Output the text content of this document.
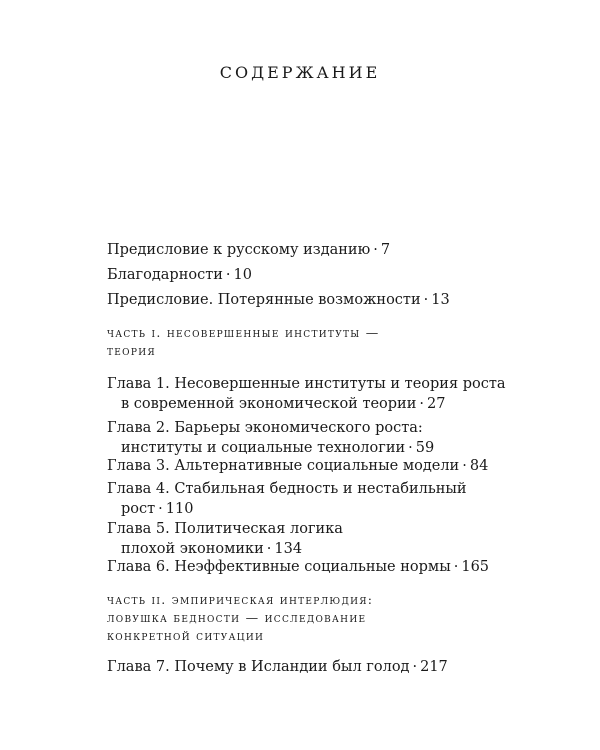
СОДЕРЖАНИЕ
Предисловие к русскому изданию · 7
Благодарности · 10
Предисловие. Потерянные возможности · 13
часть i. несовершенные институты —
теория
Глава 1. Несовершенные институты и теория роста
в современной экономической теории · 27
Глава 2. Барьеры экономического роста:
институты и социальные технологии · 59
Глава 3. Альтернативные социальные модели · 84
Глава 4. Стабильная бедность и нестабильный
рост · 110
Глава 5. Политическая логика
плохой экономики · 134
Глава 6. Неэффективные социальные нормы · 165
часть ii. эмпирическая интерлюдия:
ловушка бедности — исследование
конкретной ситуации
Глава 7. Почему в Исландии был голод · 217
